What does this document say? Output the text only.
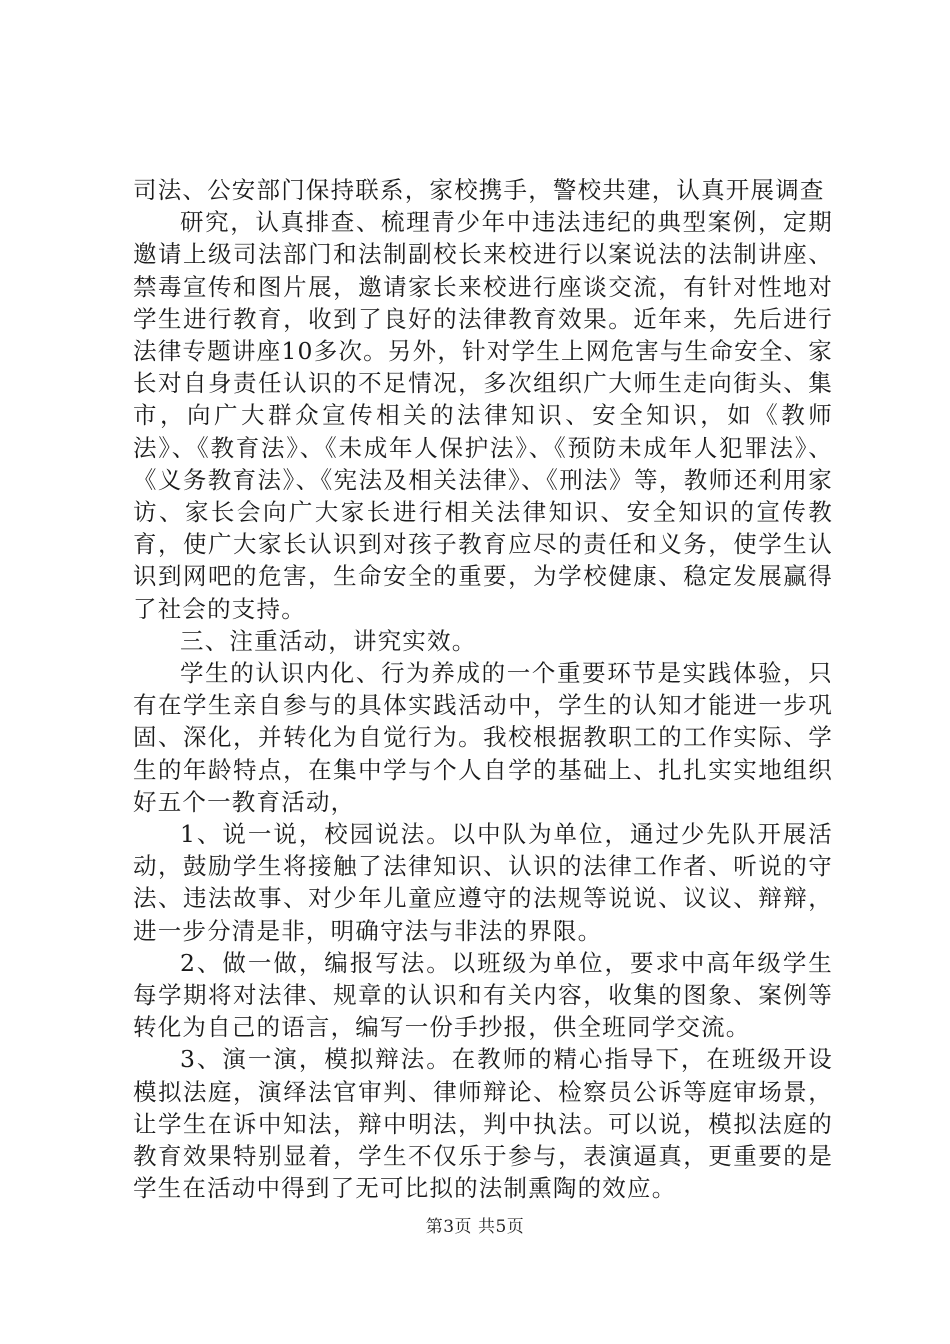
司法、公安部门保持联系，家校携手，警校共建，认真开展调查

研究，认真排查、梳理青少年中违法违纪的典型案例，定期邀请上级司法部门和法制副校长来校进行以案说法的法制讲座、禁毒宣传和图片展，邀请家长来校进行座谈交流，有针对性地对学生进行教育，收到了良好的法律教育效果。近年来，先后进行法律专题讲座10多次。另外，针对学生上网危害与生命安全、家长对自身责任认识的不足情况，多次组织广大师生走向街头、集市，向广大群众宣传相关的法律知识、安全知识，如《教师法》、《教育法》、《未成年人保护法》、《预防未成年人犯罪法》、《义务教育法》、《宪法及相关法律》、《刑法》等，教师还利用家访、家长会向广大家长进行相关法律知识、安全知识的宣传教育，使广大家长认识到对孩子教育应尽的责任和义务，使学生认识到网吧的危害，生命安全的重要，为学校健康、稳定发展赢得了社会的支持。

三、注重活动，讲究实效。

学生的认识内化、行为养成的一个重要环节是实践体验，只有在学生亲自参与的具体实践活动中，学生的认知才能进一步巩固、深化，并转化为自觉行为。我校根据教职工的工作实际、学生的年龄特点，在集中学与个人自学的基础上、扎扎实实地组织好五个一教育活动，

1、说一说，校园说法。以中队为单位，通过少先队开展活动，鼓励学生将接触了法律知识、认识的法律工作者、听说的守法、违法故事、对少年儿童应遵守的法规等说说、议议、辩辩，进一步分清是非，明确守法与非法的界限。

2、做一做，编报写法。以班级为单位，要求中高年级学生每学期将对法律、规章的认识和有关内容，收集的图象、案例等转化为自己的语言，编写一份手抄报，供全班同学交流。

3、演一演，模拟辩法。在教师的精心指导下，在班级开设模拟法庭，演绎法官审判、律师辩论、检察员公诉等庭审场景，让学生在诉中知法，辩中明法，判中执法。可以说，模拟法庭的教育效果特别显着，学生不仅乐于参与，表演逼真，更重要的是学生在活动中得到了无可比拟的法制熏陶的效应。

第3页 共5页
